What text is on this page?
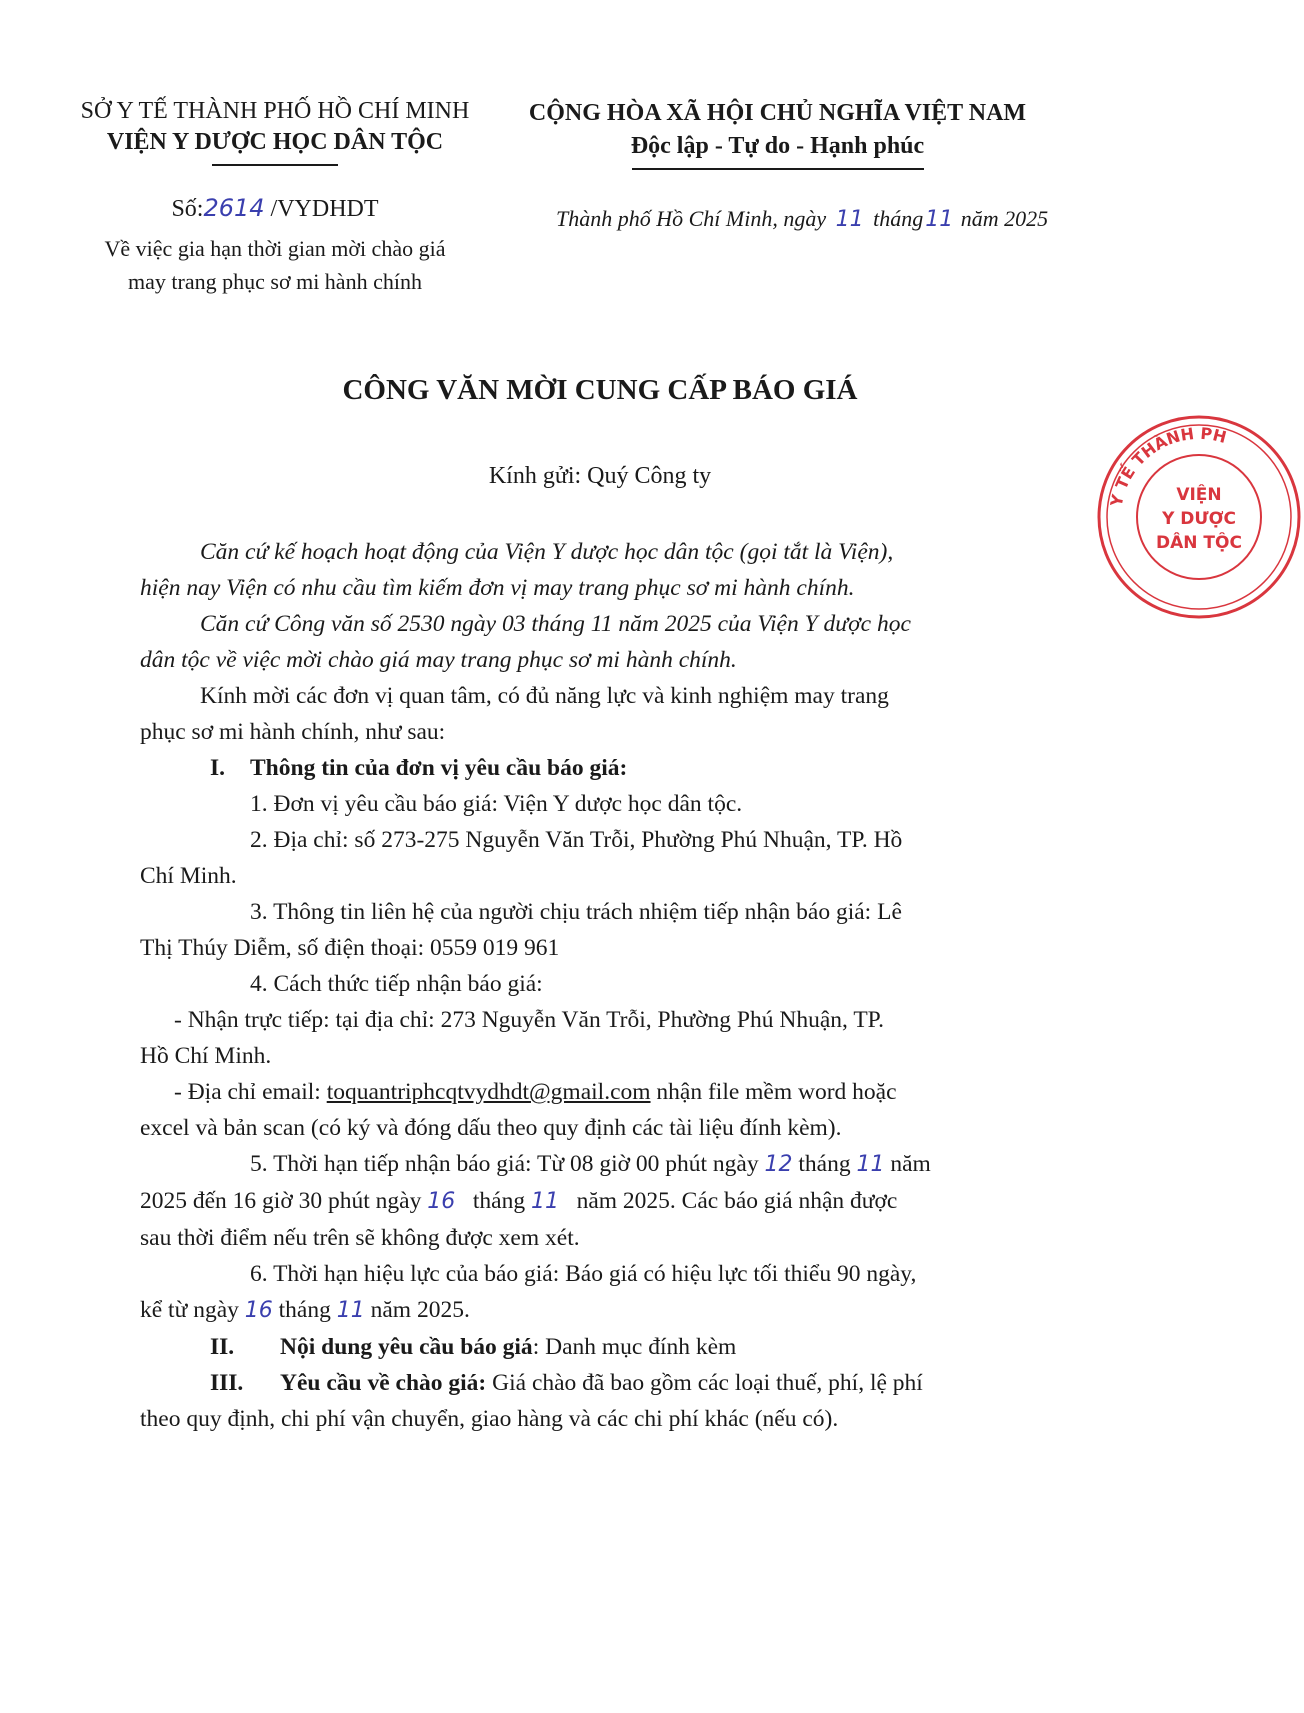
SỞ Y TẾ THÀNH PHỐ HỒ CHÍ MINH
VIỆN Y DƯỢC HỌC DÂN TỘC
CỘNG HÒA XÃ HỘI CHỦ NGHĨA VIỆT NAM
Độc lập - Tự do - Hạnh phúc
Số:2614 /VYDHDT
Về việc gia hạn thời gian mời chào giá
may trang phục sơ mi hành chính
Thành phố Hồ Chí Minh, ngày 11 tháng11 năm 2025
CÔNG VĂN MỜI CUNG CẤP BÁO GIÁ
Kính gửi: Quý Công ty
Căn cứ kế hoạch hoạt động của Viện Y dược học dân tộc (gọi tắt là Viện),
hiện nay Viện có nhu cầu tìm kiếm đơn vị may trang phục sơ mi hành chính.
Căn cứ Công văn số 2530 ngày 03 tháng 11 năm 2025 của Viện Y dược học
dân tộc về việc mời chào giá may trang phục sơ mi hành chính.
Kính mời các đơn vị quan tâm, có đủ năng lực và kinh nghiệm may trang
phục sơ mi hành chính, như sau:
I. Thông tin của đơn vị yêu cầu báo giá:
1. Đơn vị yêu cầu báo giá: Viện Y dược học dân tộc.
2. Địa chỉ: số 273-275 Nguyễn Văn Trỗi, Phường Phú Nhuận, TP. Hồ
Chí Minh.
3. Thông tin liên hệ của người chịu trách nhiệm tiếp nhận báo giá: Lê
Thị Thúy Diễm, số điện thoại: 0559 019 961
4. Cách thức tiếp nhận báo giá:
- Nhận trực tiếp: tại địa chỉ: 273 Nguyễn Văn Trỗi, Phường Phú Nhuận, TP.
Hồ Chí Minh.
- Địa chỉ email: toquantriphcqtvydhdt@gmail.com nhận file mềm word hoặc
excel và bản scan (có ký và đóng dấu theo quy định các tài liệu đính kèm).
5. Thời hạn tiếp nhận báo giá: Từ 08 giờ 00 phút ngày 12 tháng 11 năm
2025 đến 16 giờ 30 phút ngày 16 tháng 11 năm 2025. Các báo giá nhận được
sau thời điểm nếu trên sẽ không được xem xét.
6. Thời hạn hiệu lực của báo giá: Báo giá có hiệu lực tối thiểu 90 ngày,
kể từ ngày 16 tháng 11 năm 2025.
II. Nội dung yêu cầu báo giá: Danh mục đính kèm
III. Yêu cầu về chào giá: Giá chào đã bao gồm các loại thuế, phí, lệ phí
theo quy định, chi phí vận chuyển, giao hàng và các chi phí khác (nếu có).
Y TẾ THÀNH PH
VIỆN
Y DƯỢC
DÂN TỘC
